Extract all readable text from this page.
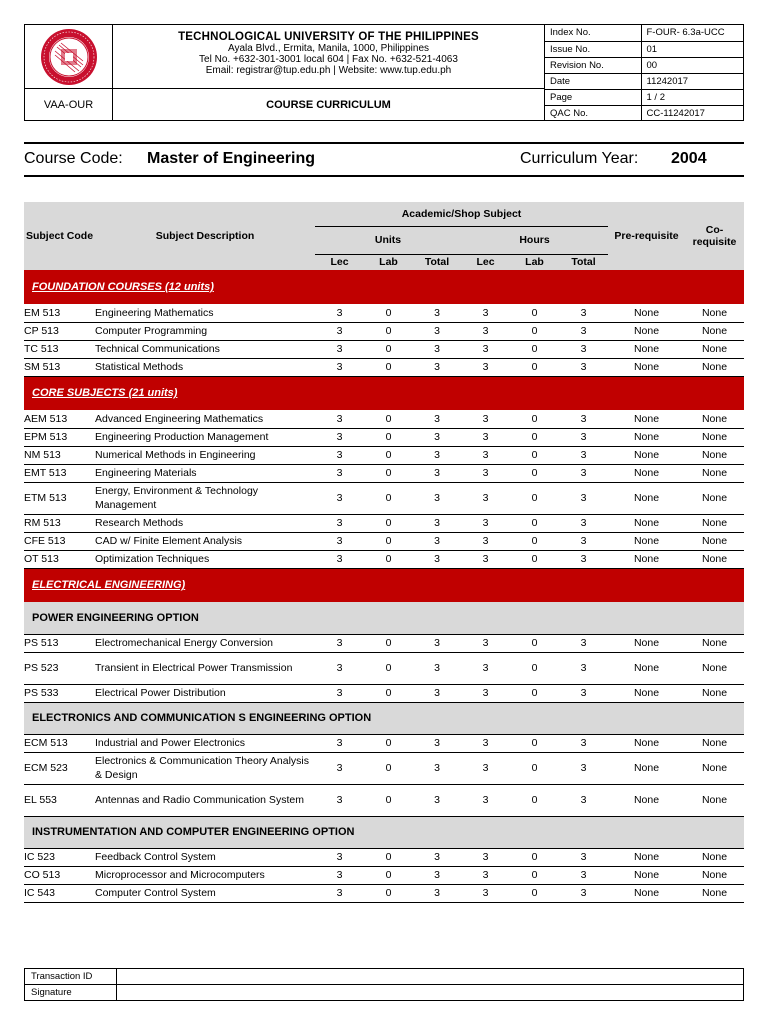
TECHNOLOGICAL UNIVERSITY OF THE PHILIPPINES
Ayala Blvd., Ermita, Manila, 1000, Philippines
Tel No. +632-301-3001 local 604 | Fax No. +632-521-4063
Email: registrar@tup.edu.ph | Website: www.tup.edu.ph
VAA-OUR	COURSE CURRICULUM
Index No.	F-OUR- 6.3a-UCC
Issue No.	01
Revision No.	00
Date	11242017
Page	1 / 2
QAC No.	CC-11242017
Course Code: Master of Engineering	Curriculum Year: 2004
Subject Code	Subject Description	Academic/Shop Subject						Pre-requisite	Co-requisite
		Units			Hours				
		Lec	Lab	Total	Lec	Lab	Total		
FOUNDATION COURSES (12 units)									
EM 513	Engineering Mathematics	3	0	3	3	0	3	None	None
CP 513	Computer Programming	3	0	3	3	0	3	None	None
TC 513	Technical Communications	3	0	3	3	0	3	None	None
SM 513	Statistical Methods	3	0	3	3	0	3	None	None
CORE SUBJECTS (21 units)									
AEM 513	Advanced Engineering Mathematics	3	0	3	3	0	3	None	None
EPM 513	Engineering Production Management	3	0	3	3	0	3	None	None
NM 513	Numerical Methods in Engineering	3	0	3	3	0	3	None	None
EMT 513	Engineering Materials	3	0	3	3	0	3	None	None
ETM 513	Energy, Environment & Technology Management	3	0	3	3	0	3	None	None
RM 513	Research Methods	3	0	3	3	0	3	None	None
CFE 513	CAD w/ Finite Element Analysis	3	0	3	3	0	3	None	None
OT 513	Optimization Techniques	3	0	3	3	0	3	None	None
ELECTRICAL ENGINEERING)									
POWER ENGINEERING OPTION									
PS 513	Electromechanical Energy Conversion	3	0	3	3	0	3	None	None
PS 523	Transient in Electrical Power Transmission	3	0	3	3	0	3	None	None
PS 533	Electrical Power Distribution	3	0	3	3	0	3	None	None
ELECTRONICS AND COMMUNICATION S ENGINEERING OPTION									
ECM 513	Industrial and Power Electronics	3	0	3	3	0	3	None	None
ECM 523	Electronics & Communication Theory Analysis & Design	3	0	3	3	0	3	None	None
EL 553	Antennas and Radio Communication System	3	0	3	3	0	3	None	None
INSTRUMENTATION AND COMPUTER ENGINEERING OPTION									
IC 523	Feedback Control System	3	0	3	3	0	3	None	None
CO 513	Microprocessor and Microcomputers	3	0	3	3	0	3	None	None
IC 543	Computer Control System	3	0	3	3	0	3	None	None
Transaction ID	
Signature	
